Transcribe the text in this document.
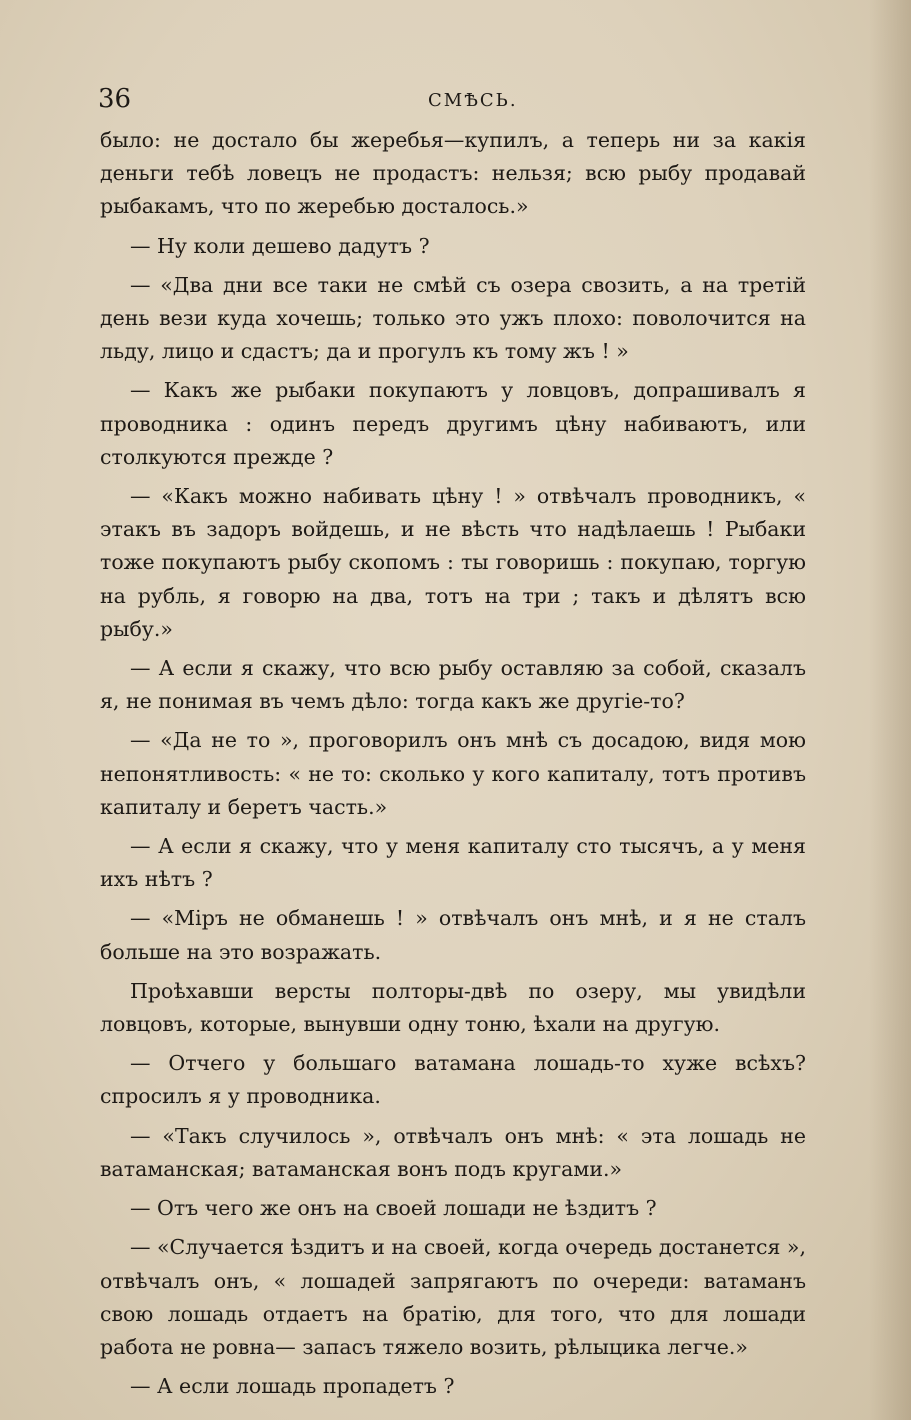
36	СМѢСЬ.

было: не достало бы жеребья—купилъ, а теперь ни за какія деньги тебѣ ловецъ не продастъ: нельзя; всю рыбу продавай рыбакамъ, что по жеребью досталось.»

— Ну коли дешево дадутъ ?

— «Два дни все таки не смѣй съ озера свозить, а на третій день вези куда хочешь; только это ужъ плохо: поволочится на льду, лицо и сдастъ; да и прогулъ къ тому жъ ! »

— Какъ же рыбаки покупаютъ у ловцовъ, допрашивалъ я проводника : одинъ передъ другимъ цѣну набиваютъ, или столкуются прежде ?

— «Какъ можно набивать цѣну ! » отвѣчалъ проводникъ, « этакъ въ задоръ войдешь, и не вѣсть что надѣлаешь ! Рыбаки тоже покупаютъ рыбу скопомъ : ты говоришь : покупаю, торгую на рубль, я говорю на два, тотъ на три ; такъ и дѣлятъ всю рыбу.»

— А если я скажу, что всю рыбу оставляю за собой, сказалъ я, не понимая въ чемъ дѣло: тогда какъ же другіе-то?

— «Да не то », проговорилъ онъ мнѣ съ досадою, видя мою непонятливость: « не то: сколько у кого капиталу, тотъ противъ капиталу и беретъ часть.»

— А если я скажу, что у меня капиталу сто тысячъ, а у меня ихъ нѣтъ ?

— «Міръ не обманешь ! » отвѣчалъ онъ мнѣ, и я не сталъ больше на это возражать.

Проѣхавши версты полторы-двѣ по озеру, мы увидѣли ловцовъ, которые, вынувши одну тоню, ѣхали на другую.

— Отчего у большаго ватамана лошадь-то хуже всѣхъ? спросилъ я у проводника.

— «Такъ случилось », отвѣчалъ онъ мнѣ: « эта лошадь не ватаманская; ватаманская вонъ подъ кругами.»

— Отъ чего же онъ на своей лошади не ѣздитъ ?

— «Случается ѣздитъ и на своей, когда очередь достанется », отвѣчалъ онъ, « лошадей запрягаютъ по очереди: ватаманъ свою лошадь отдаетъ на братію, для того, что для лошади работа не ровна— запасъ тяжело возить, рѣлыцика легче.»

— А если лошадь пропадетъ ?
